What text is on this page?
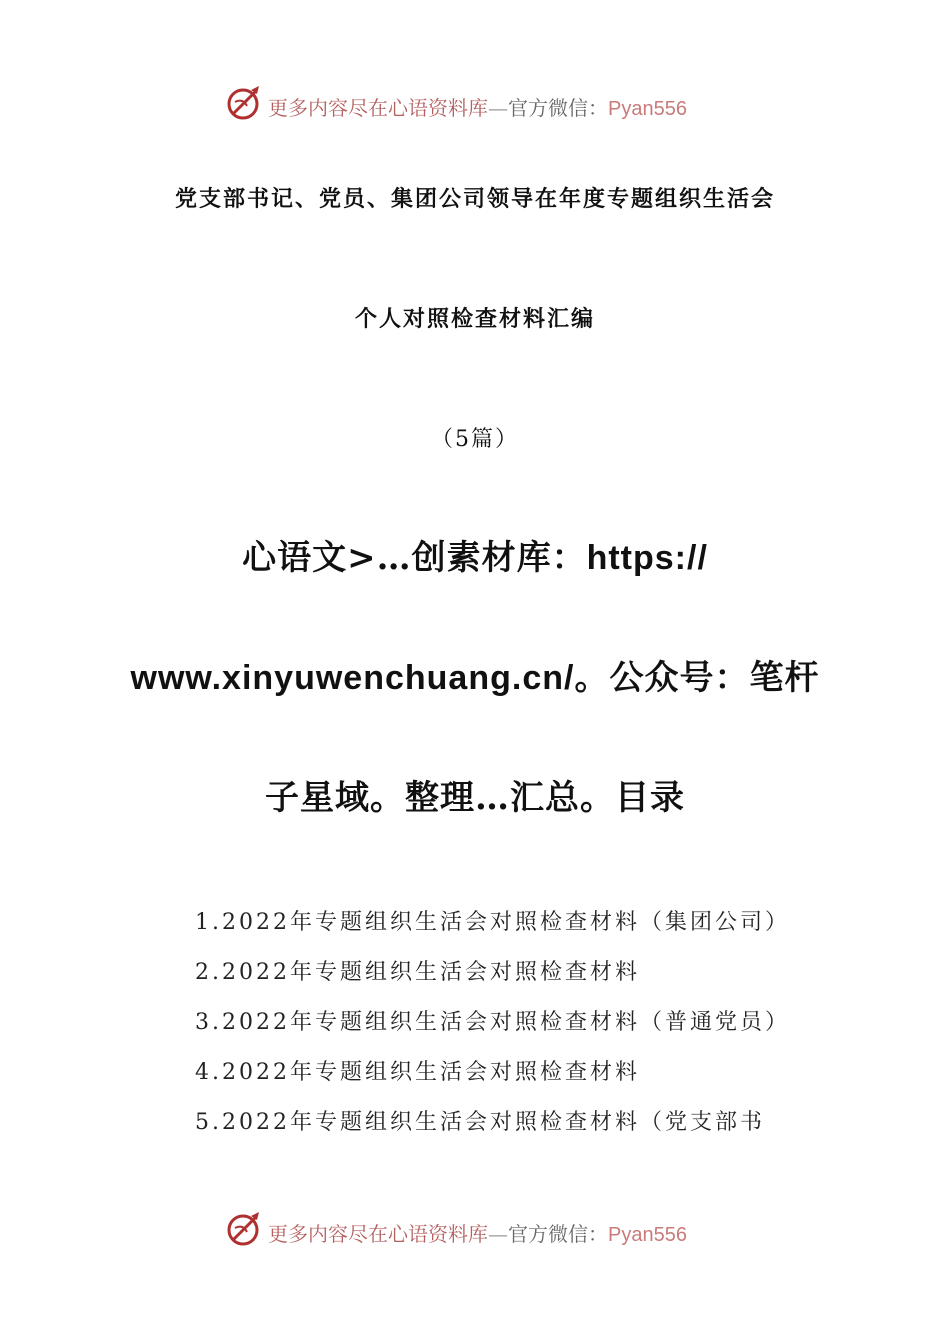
更多内容尽在心语资料库—官方微信：Pyan556
党支部书记、党员、集团公司领导在年度专题组织生活会
个人对照检查材料汇编
（5篇）
心语文>…创素材库：https://
www.xinyuwenchuang.cn/。公众号：笔杆
子星域。整理…汇总。目录
1.2022年专题组织生活会对照检查材料（集团公司）
2.2022年专题组织生活会对照检查材料
3.2022年专题组织生活会对照检查材料（普通党员）
4.2022年专题组织生活会对照检查材料
5.2022年专题组织生活会对照检查材料（党支部书
更多内容尽在心语资料库—官方微信：Pyan556
